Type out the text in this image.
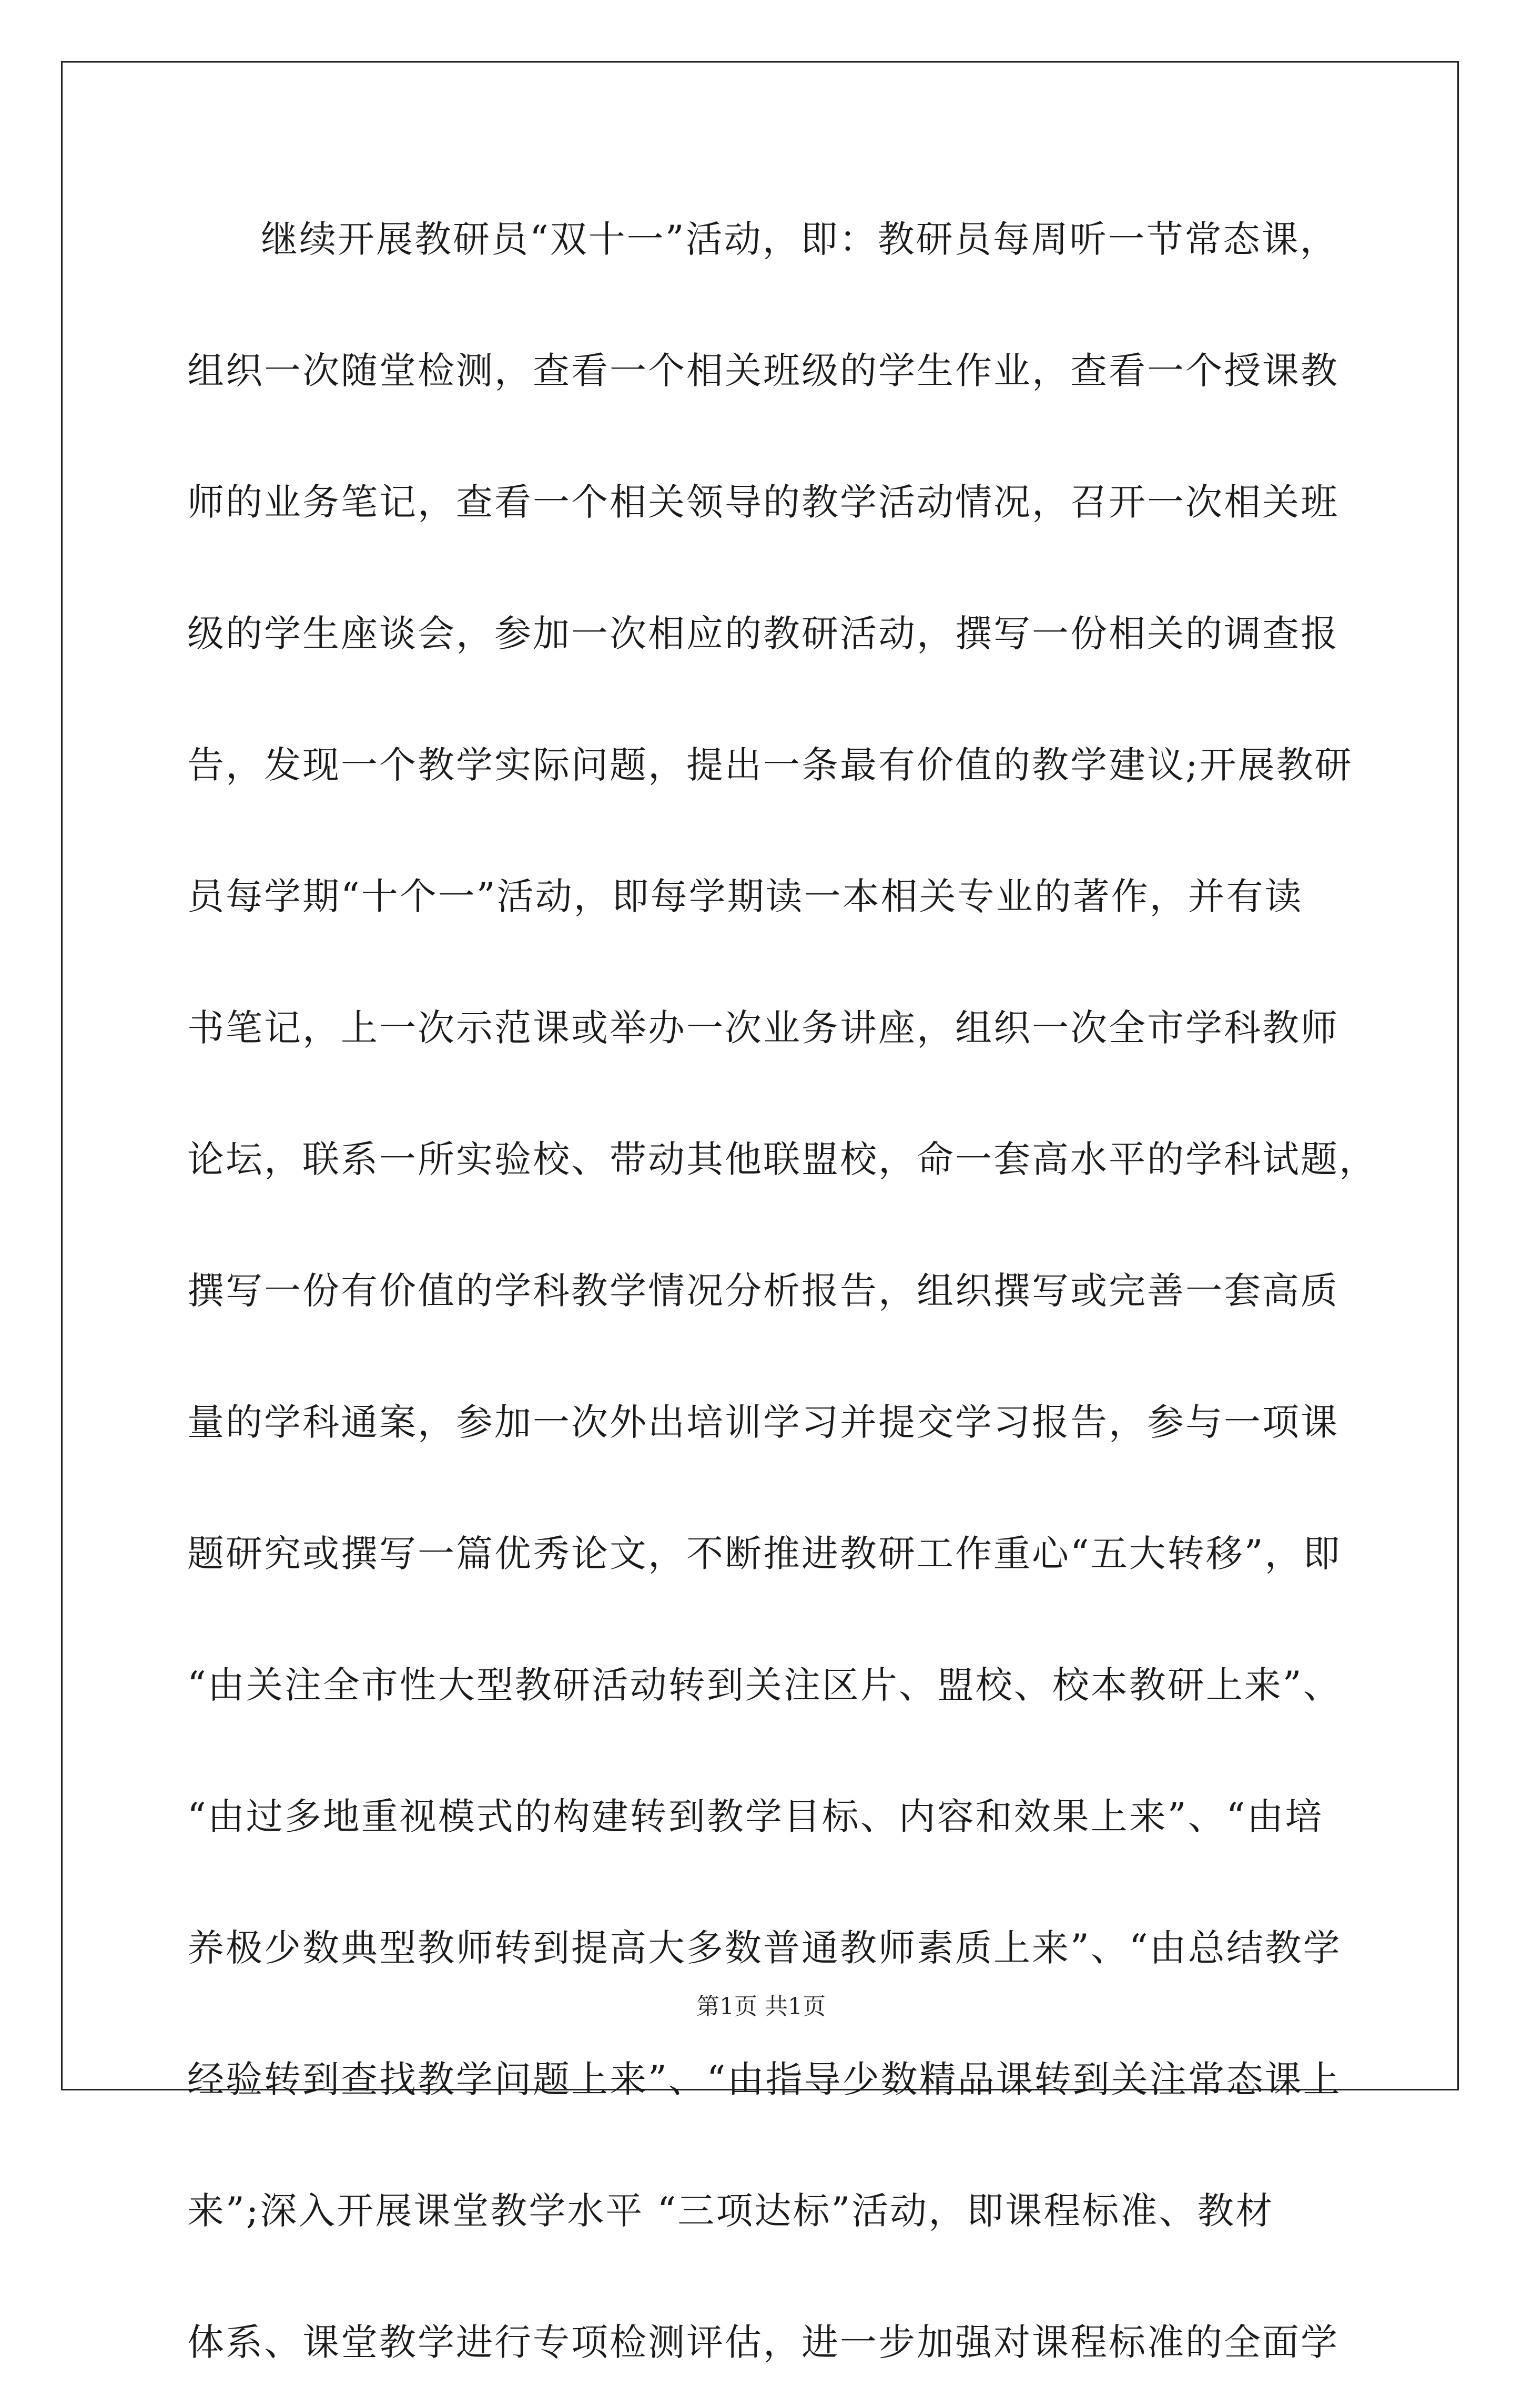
继续开展教研员“双十一”活动，即：教研员每周听一节常态课，
组织一次随堂检测，查看一个相关班级的学生作业，查看一个授课教
师的业务笔记，查看一个相关领导的教学活动情况，召开一次相关班
级的学生座谈会，参加一次相应的教研活动，撰写一份相关的调查报
告，发现一个教学实际问题，提出一条最有价值的教学建议;开展教研
员每学期“十个一”活动，即每学期读一本相关专业的著作，并有读
书笔记，上一次示范课或举办一次业务讲座，组织一次全市学科教师
论坛，联系一所实验校、带动其他联盟校，命一套高水平的学科试题，
撰写一份有价值的学科教学情况分析报告，组织撰写或完善一套高质
量的学科通案，参加一次外出培训学习并提交学习报告，参与一项课
题研究或撰写一篇优秀论文，不断推进教研工作重心“五大转移”，即
“由关注全市性大型教研活动转到关注区片、盟校、校本教研上来”、
“由过多地重视模式的构建转到教学目标、内容和效果上来”、“由培
养极少数典型教师转到提高大多数普通教师素质上来”、“由总结教学
经验转到查找教学问题上来”、“由指导少数精品课转到关注常态课上
来”;深入开展课堂教学水平 “三项达标”活动，即课程标准、教材
体系、课堂教学进行专项检测评估，进一步加强对课程标准的全面学
第1页 共1页
